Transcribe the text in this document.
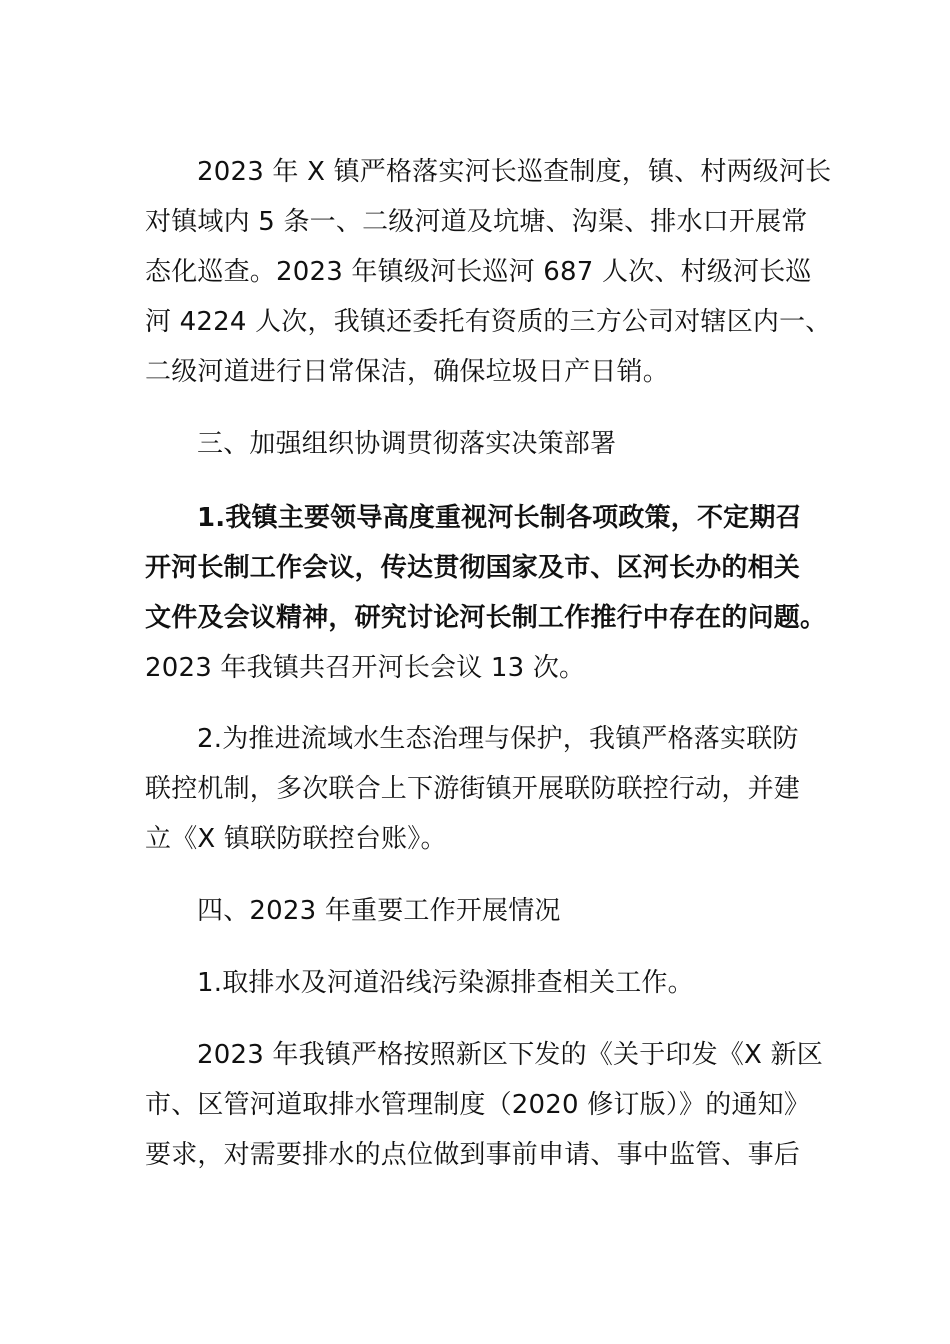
2023 年 X 镇严格落实河长巡查制度，镇、村两级河长
对镇域内 5 条一、二级河道及坑塘、沟渠、排水口开展常
态化巡查。2023 年镇级河长巡河 687 人次、村级河长巡
河 4224 人次，我镇还委托有资质的三方公司对辖区内一、
二级河道进行日常保洁，确保垃圾日产日销。
三、加强组织协调贯彻落实决策部署
1.我镇主要领导高度重视河长制各项政策，不定期召
开河长制工作会议，传达贯彻国家及市、区河长办的相关
文件及会议精神，研究讨论河长制工作推行中存在的问题。
2023 年我镇共召开河长会议 13 次。
2.为推进流域水生态治理与保护，我镇严格落实联防
联控机制，多次联合上下游街镇开展联防联控行动，并建
立《X 镇联防联控台账》。
四、2023 年重要工作开展情况
1.取排水及河道沿线污染源排查相关工作。
2023 年我镇严格按照新区下发的《关于印发《X 新区
市、区管河道取排水管理制度（2020 修订版）》的通知》
要求，对需要排水的点位做到事前申请、事中监管、事后
